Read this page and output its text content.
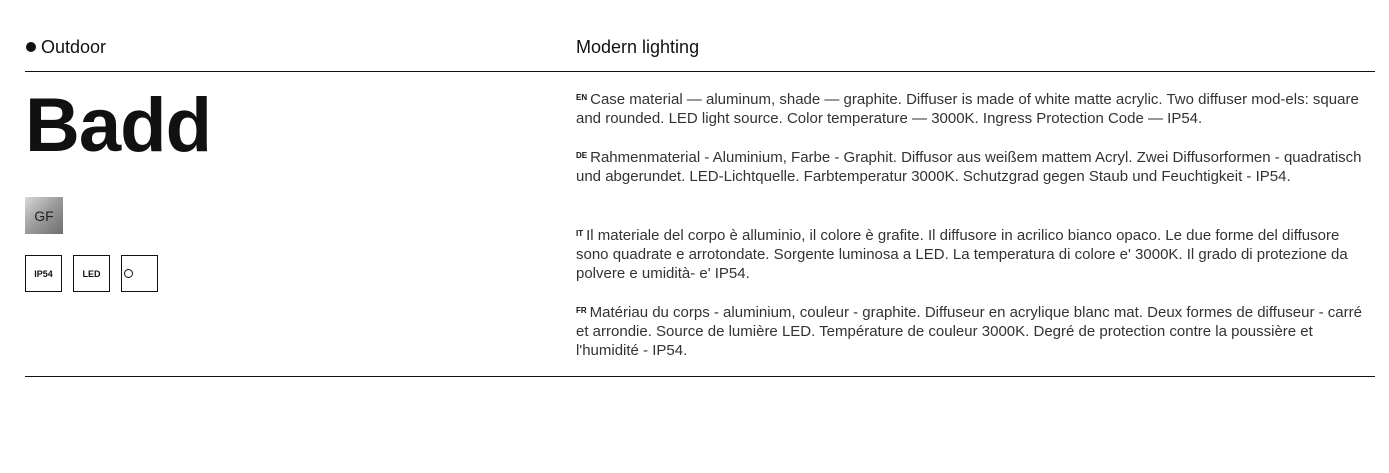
Outdoor	Modern lighting
Badd
GF
IP54	LED
$^{EN}$ Case material — aluminum, shade — graphite. Diffuser is made of white matte acrylic. Two diffuser mod-els: square and rounded. LED light source. Color temperature — 3000K. Ingress Protection Code — IP54.
$^{DE}$ Rahmenmaterial - Aluminium, Farbe - Graphit. Diffusor aus weißem mattem Acryl. Zwei Diffusorformen - quadratisch und abgerundet. LED-Lichtquelle. Farbtemperatur 3000K. Schutzgrad gegen Staub und Feuchtigkeit - IP54.
$^{IT}$ Il materiale del corpo è alluminio, il colore è grafite. Il diffusore in acrilico bianco opaco. Le due forme del diffusore sono quadrate e arrotondate. Sorgente luminosa a LED. La temperatura di colore e' 3000K. Il grado di protezione da polvere e umidità- e' IP54.
$^{FR}$ Matériau du corps - aluminium, couleur - graphite. Diffuseur en acrylique blanc mat. Deux formes de diffuseur - carré et arrondie. Source de lumière LED. Température de couleur 3000K. Degré de protection contre la poussière et l'humidité - IP54.
